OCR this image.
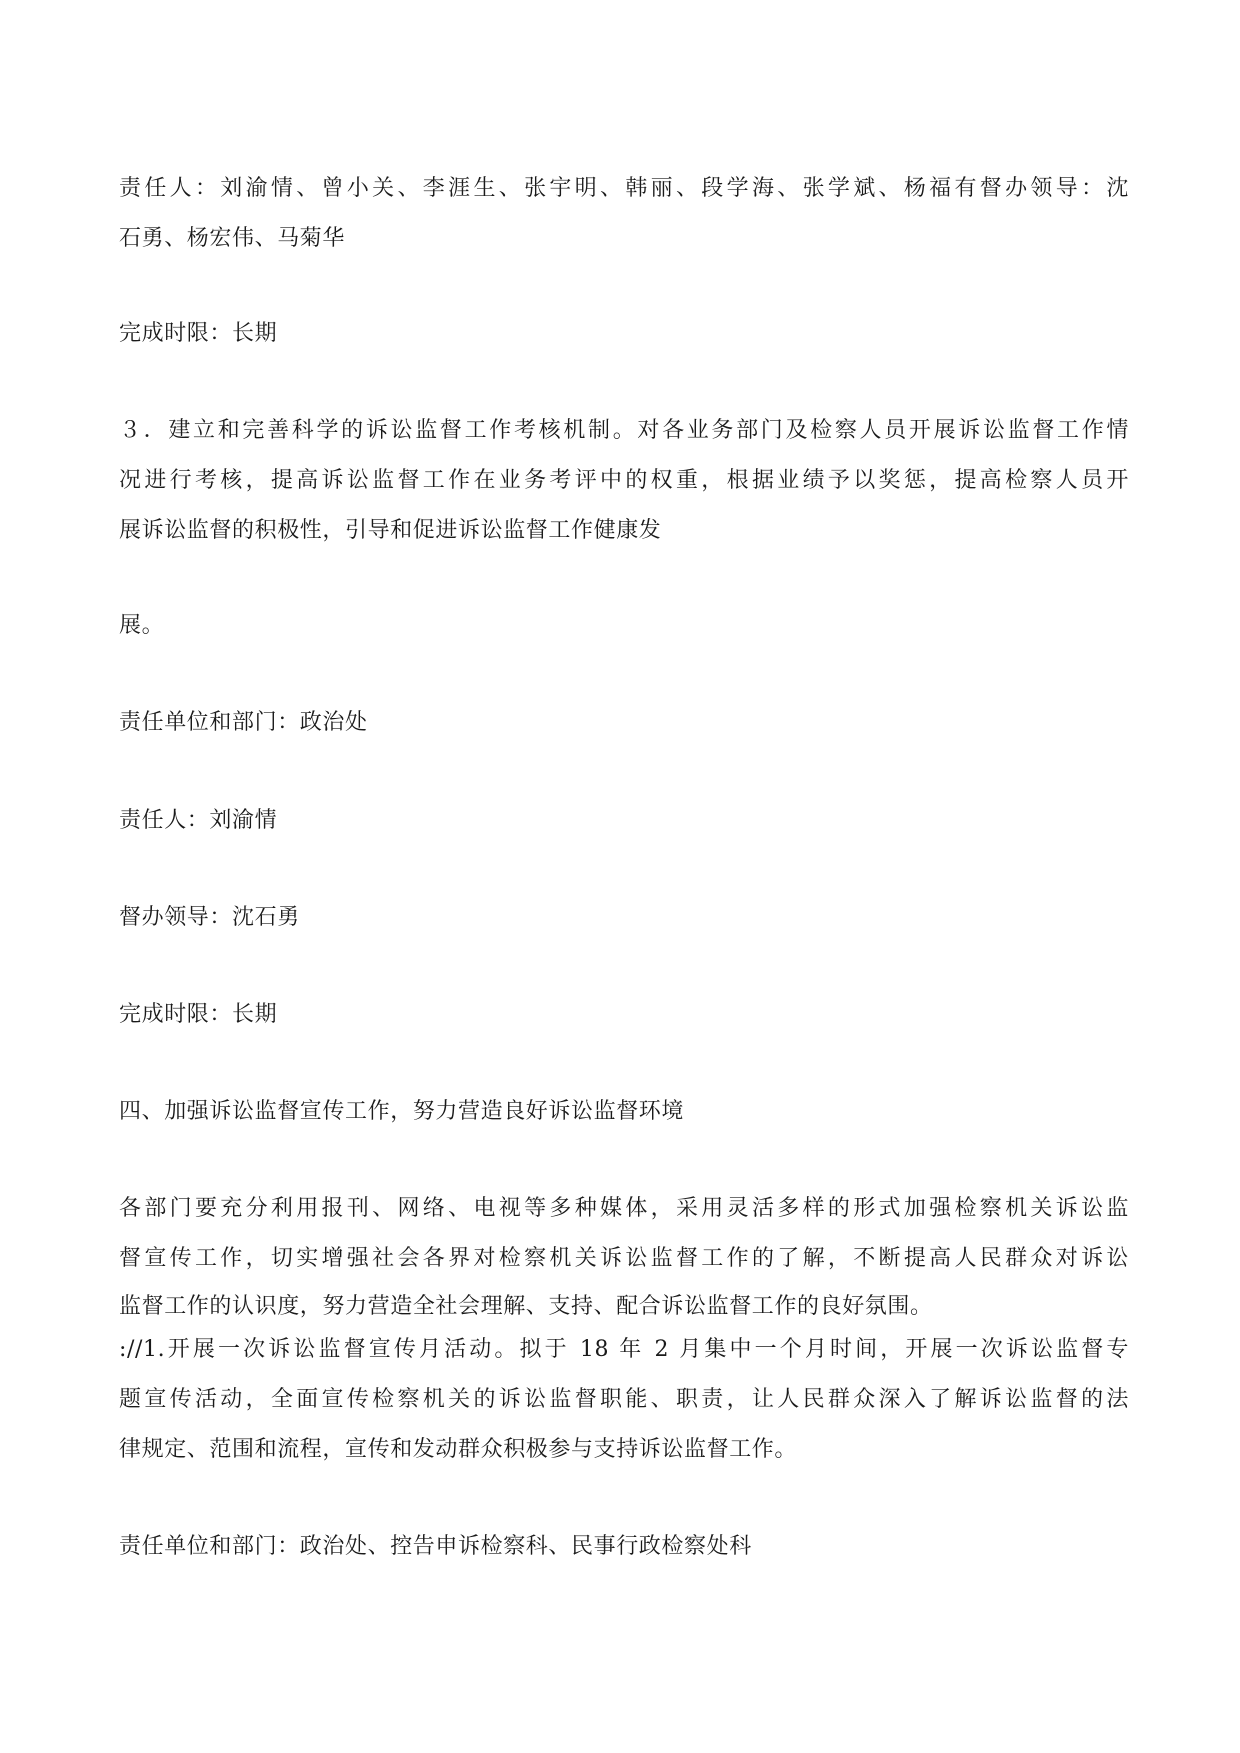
责任人：刘渝情、曾小关、李涯生、张宇明、韩丽、段学海、张学斌、杨福有督办领导：沈
石勇、杨宏伟、马菊华
完成时限：长期
３．建立和完善科学的诉讼监督工作考核机制。对各业务部门及检察人员开展诉讼监督工作情
况进行考核，提高诉讼监督工作在业务考评中的权重，根据业绩予以奖惩，提高检察人员开
展诉讼监督的积极性，引导和促进诉讼监督工作健康发
展。
责任单位和部门：政治处
责任人：刘渝情
督办领导：沈石勇
完成时限：长期
四、加强诉讼监督宣传工作，努力营造良好诉讼监督环境
各部门要充分利用报刊、网络、电视等多种媒体，采用灵活多样的形式加强检察机关诉讼监
督宣传工作，切实增强社会各界对检察机关诉讼监督工作的了解，不断提高人民群众对诉讼
监督工作的认识度，努力营造全社会理解、支持、配合诉讼监督工作的良好氛围。
://1.开展一次诉讼监督宣传月活动。拟于 18 年 2 月集中一个月时间，开展一次诉讼监督专
题宣传活动，全面宣传检察机关的诉讼监督职能、职责，让人民群众深入了解诉讼监督的法
律规定、范围和流程，宣传和发动群众积极参与支持诉讼监督工作。
责任单位和部门：政治处、控告申诉检察科、民事行政检察处科
